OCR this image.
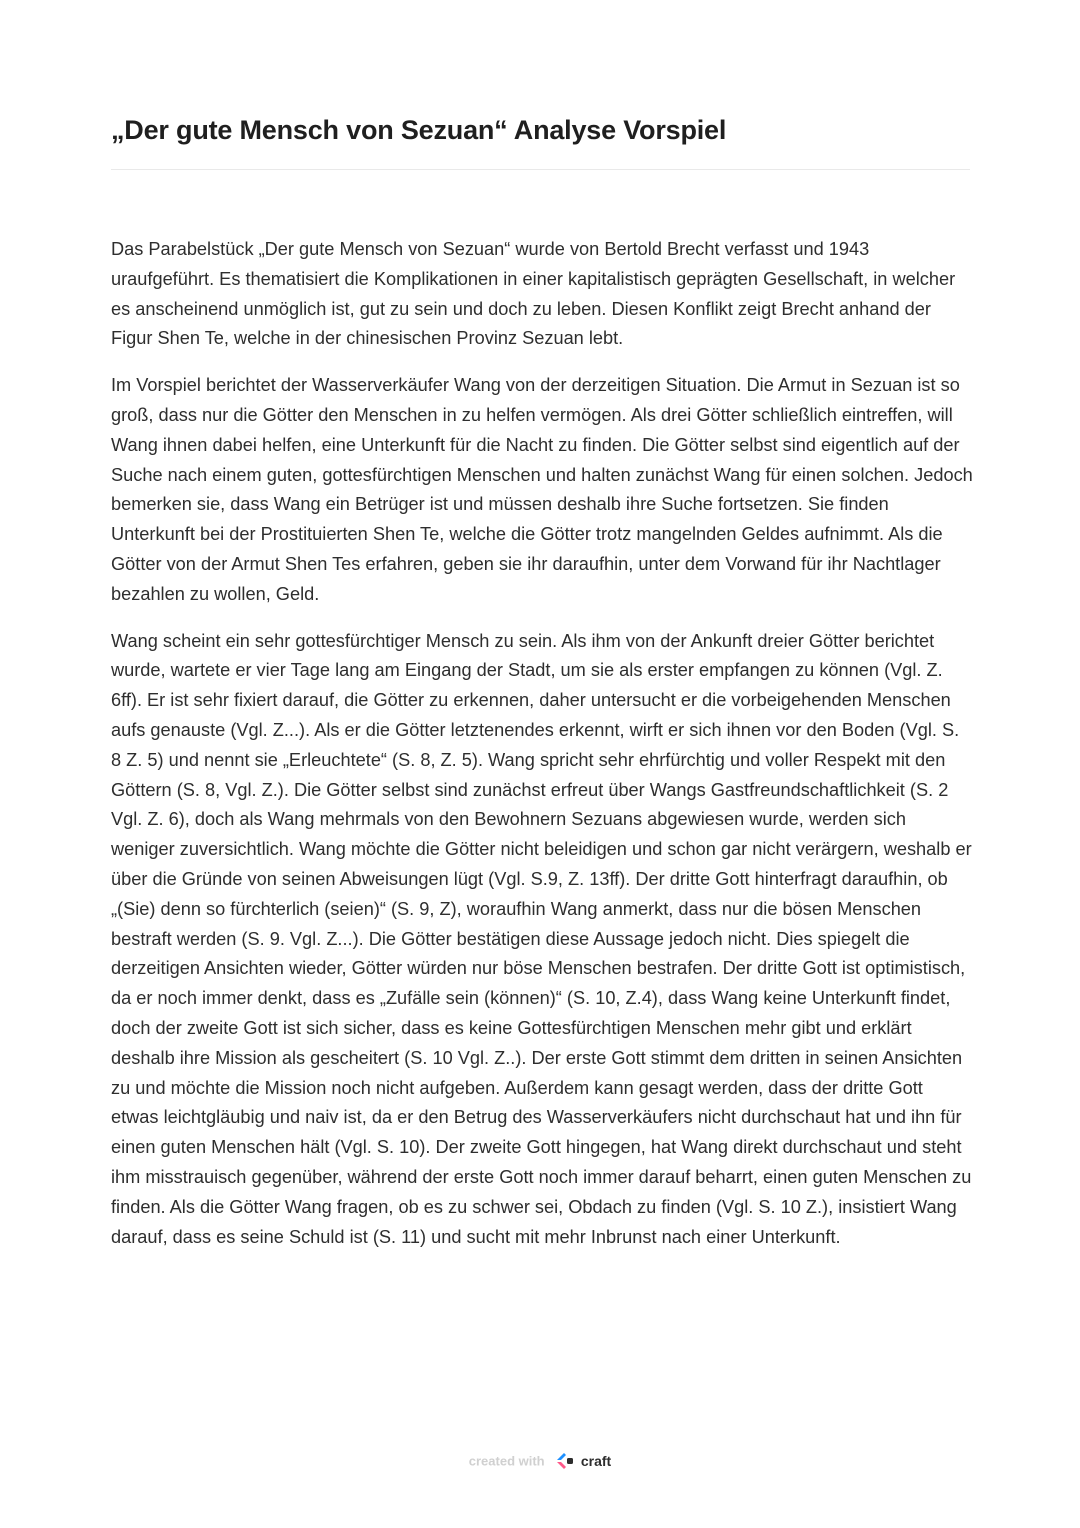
„Der gute Mensch von Sezuan“ Analyse Vorspiel

Das Parabelstück „Der gute Mensch von Sezuan“ wurde von Bertold Brecht verfasst und 1943 uraufgeführt. Es thematisiert die Komplikationen in einer kapitalistisch geprägten Gesellschaft, in welcher es anscheinend unmöglich ist, gut zu sein und doch zu leben. Diesen Konflikt zeigt Brecht anhand der Figur Shen Te, welche in der chinesischen Provinz Sezuan lebt.

Im Vorspiel berichtet der Wasserverkäufer Wang von der derzeitigen Situation. Die Armut in Sezuan ist so groß, dass nur die Götter den Menschen in zu helfen vermögen. Als drei Götter schließlich eintreffen, will Wang ihnen dabei helfen, eine Unterkunft für die Nacht zu finden. Die Götter selbst sind eigentlich auf der Suche nach einem guten, gottesfürchtigen Menschen und halten zunächst Wang für einen solchen. Jedoch bemerken sie, dass Wang ein Betrüger ist und müssen deshalb ihre Suche fortsetzen. Sie finden Unterkunft bei der Prostituierten Shen Te, welche die Götter trotz mangelnden Geldes aufnimmt. Als die Götter von der Armut Shen Tes erfahren, geben sie ihr daraufhin, unter dem Vorwand für ihr Nachtlager bezahlen zu wollen, Geld.

Wang scheint ein sehr gottesfürchtiger Mensch zu sein. Als ihm von der Ankunft dreier Götter berichtet wurde, wartete er vier Tage lang am Eingang der Stadt, um sie als erster empfangen zu können (Vgl. Z. 6ff). Er ist sehr fixiert darauf, die Götter zu erkennen, daher untersucht er die vorbeigehenden Menschen aufs genauste (Vgl. Z...). Als er die Götter letztenendes erkennt, wirft er sich ihnen vor den Boden (Vgl. S. 8 Z. 5) und nennt sie „Erleuchtete“ (S. 8, Z. 5). Wang spricht sehr ehrfürchtig und voller Respekt mit den Göttern (S. 8, Vgl. Z.). Die Götter selbst sind zunächst erfreut über Wangs Gastfreundschaftlichkeit (S. 2 Vgl. Z. 6), doch als Wang mehrmals von den Bewohnern Sezuans abgewiesen wurde, werden sich weniger zuversichtlich. Wang möchte die Götter nicht beleidigen und schon gar nicht verärgern, weshalb er über die Gründe von seinen Abweisungen lügt (Vgl. S.9, Z. 13ff). Der dritte Gott hinterfragt daraufhin, ob „(Sie) denn so fürchterlich (seien)“ (S. 9, Z), woraufhin Wang anmerkt, dass nur die bösen Menschen bestraft werden (S. 9. Vgl. Z...). Die Götter bestätigen diese Aussage jedoch nicht. Dies spiegelt die derzeitigen Ansichten wieder, Götter würden nur böse Menschen bestrafen. Der dritte Gott ist optimistisch, da er noch immer denkt, dass es „Zufälle sein (können)“ (S. 10, Z.4), dass Wang keine Unterkunft findet, doch der zweite Gott ist sich sicher, dass es keine Gottesfürchtigen Menschen mehr gibt und erklärt deshalb ihre Mission als gescheitert (S. 10 Vgl. Z..). Der erste Gott stimmt dem dritten in seinen Ansichten zu und möchte die Mission noch nicht aufgeben. Außerdem kann gesagt werden, dass der dritte Gott etwas leichtgläubig und naiv ist, da er den Betrug des Wasserverkäufers nicht durchschaut hat und ihn für einen guten Menschen hält (Vgl. S. 10). Der zweite Gott hingegen, hat Wang direkt durchschaut und steht ihm misstrauisch gegenüber, während der erste Gott noch immer darauf beharrt, einen guten Menschen zu finden. Als die Götter Wang fragen, ob es zu schwer sei, Obdach zu finden (Vgl. S. 10 Z.), insistiert Wang darauf, dass es seine Schuld ist (S. 11) und sucht mit mehr Inbrunst nach einer Unterkunft.

created with	craft
